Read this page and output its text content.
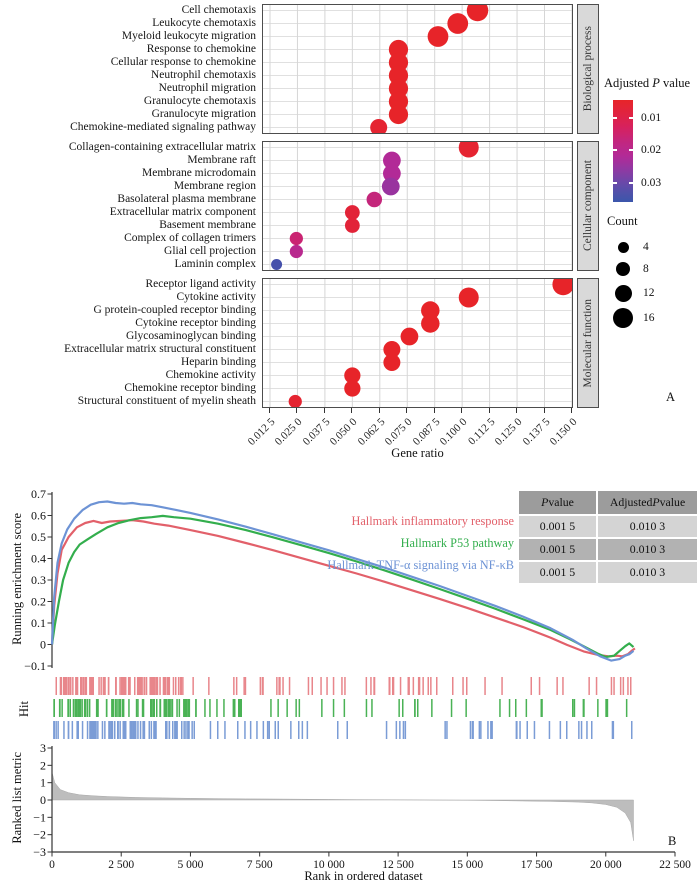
Cell chemotaxis
Leukocyte chemotaxis
Myeloid leukocyte migration
Response to chemokine
Cellular response to chemokine
Neutrophil chemotaxis
Neutrophil migration
Granulocyte chemotaxis
Granulocyte migration
Chemokine-mediated signaling pathway
Biological process
Collagen-containing extracellular matrix
Membrane raft
Membrane microdomain
Membrane region
Basolateral plasma membrane
Extracellular matrix component
Basement membrane
Complex of collagen trimers
Glial cell projection
Laminin complex
Cellular component
Receptor ligand activity
Cytokine activity
G protein-coupled receptor binding
Cytokine receptor binding
Glycosaminoglycan binding
Extracellular matrix structural constituent
Heparin binding
Chemokine activity
Chemokine receptor binding
Structural constituent of myelin sheath
Molecular function
0.012 5
0.025 0
0.037 5
0.050 0
0.062 5
0.075 0
0.087 5
0.100 0
0.112 5
0.125 0
0.137 5
0.150 0
Gene ratio
Adjusted P value
0.01
0.02
0.03
Count
4
8
12
16
A
0.7
0.6
0.5
0.4
0.3
0.2
0.1
0
−0.1
3
2
1
0
−1
−2
−3
0	2 500	5 000	7 500	10 000	12 500	15 000	17 500	20 000	22 500
Running enrichment score
Hit
Ranked list metric
Hallmark inflammatory response
Hallmark P53 pathway
Hallmark TNF-α signaling via NF-κB
P value	Adjusted P value
0.001 5	0.010 3
0.001 5	0.010 3
0.001 5	0.010 3
Rank in ordered dataset
B
